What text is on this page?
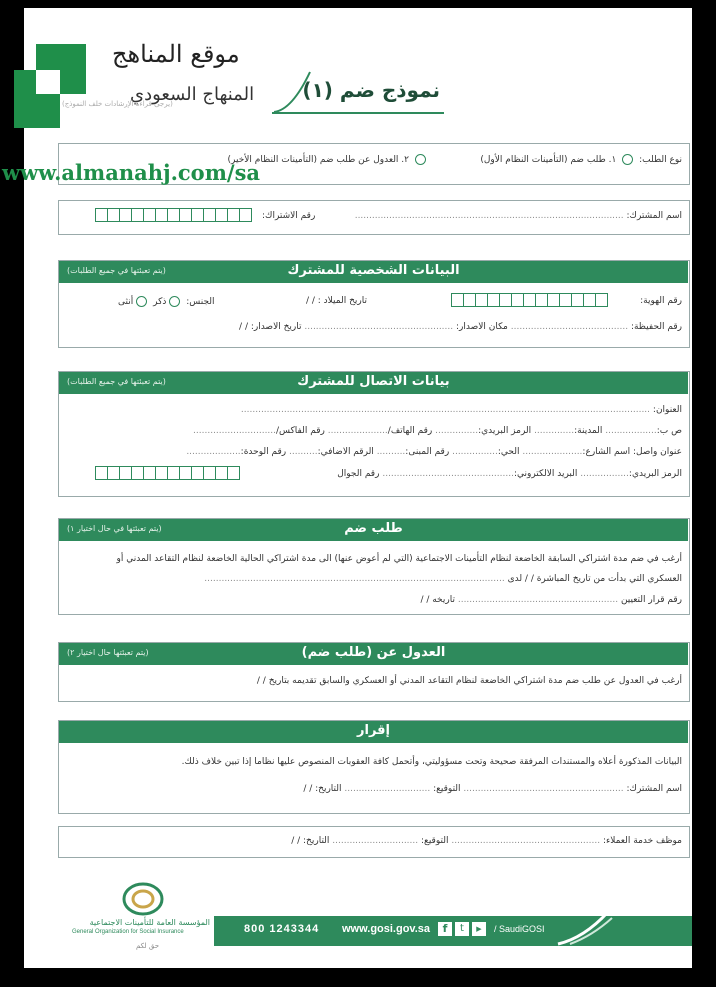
نموذج ضم (١)
نوع الطلب:  ١. طلب ضم (التأمينات النظام الأول)                   ٢. العدول عن طلب ضم (التأمينات النظام الأخير)
اسم المشترك: ..............................................................................................
رقم الاشتراك:
البيانات الشخصية للمشترك
(يتم تعبئتها في جميع الطلبات)
رقم الهوية:
تاريخ الميلاد : / /
الجنس: ذكر أنثى
رقم الحفيظة: ......................................... مكان الاصدار: .................................................... تاريخ الاصدار: / /
بيانات الاتصال للمشترك
(يتم تعبئتها في جميع الطلبات)
العنوان: ...............................................................................................................................................
ص ب:.................. المدينة:.............. الرمز البريدي:............... رقم الهاتف/..................... رقم الفاكس/.............................
عنوان واصل: اسم الشارع:..................... الحي:................ رقم المبنى:.......... الرقم الاضافي:.......... رقم الوحدة:...................
الرمز البريدي:................. البريد الالكتروني:.............................................. رقم الجوال
طلب ضم
(يتم تعبئتها في حال اختيار ١)
أرغب في ضم مدة اشتراكي السابقة الخاضعة لنظام التأمينات الاجتماعية (التي لم أعوض عنها) الى مدة اشتراكي الحالية الخاضعة لنظام التقاعد المدني أو
العسكري التي بدأت من تاريخ المباشرة / / لدى .........................................................................................................
رقم قرار التعيين ........................................................ تاريخه / /
العدول عن (طلب ضم)
(يتم تعبئتها حال اختيار ٢)
أرغب في العدول عن طلب ضم مدة اشتراكي الخاضعة لنظام التقاعد المدني أو العسكري والسابق تقديمه بتاريخ / /
إقرار
البيانات المذكورة أعلاه والمستندات المرفقة صحيحة وتحت مسؤوليتي، وأتحمل كافة العقوبات المنصوص عليها نظاما إذا تبين خلاف ذلك.
اسم المشترك: ........................................................ التوقيع: .............................. التاريخ: / /
موظف خدمة العملاء: .................................................... التوقيع: .............................. التاريخ: / /
المؤسسة العامة للتأمينات الاجتماعية
General Organization for Social Insurance
حق لكم
800 1243344 www.gosi.gov.sa	f	t	▶	/ SaudiGOSI
موقع المناهج
المنهاج السعودي
(يرجى قراءة الإرشادات خلف النموذج)
www.almanahj.com/sa
